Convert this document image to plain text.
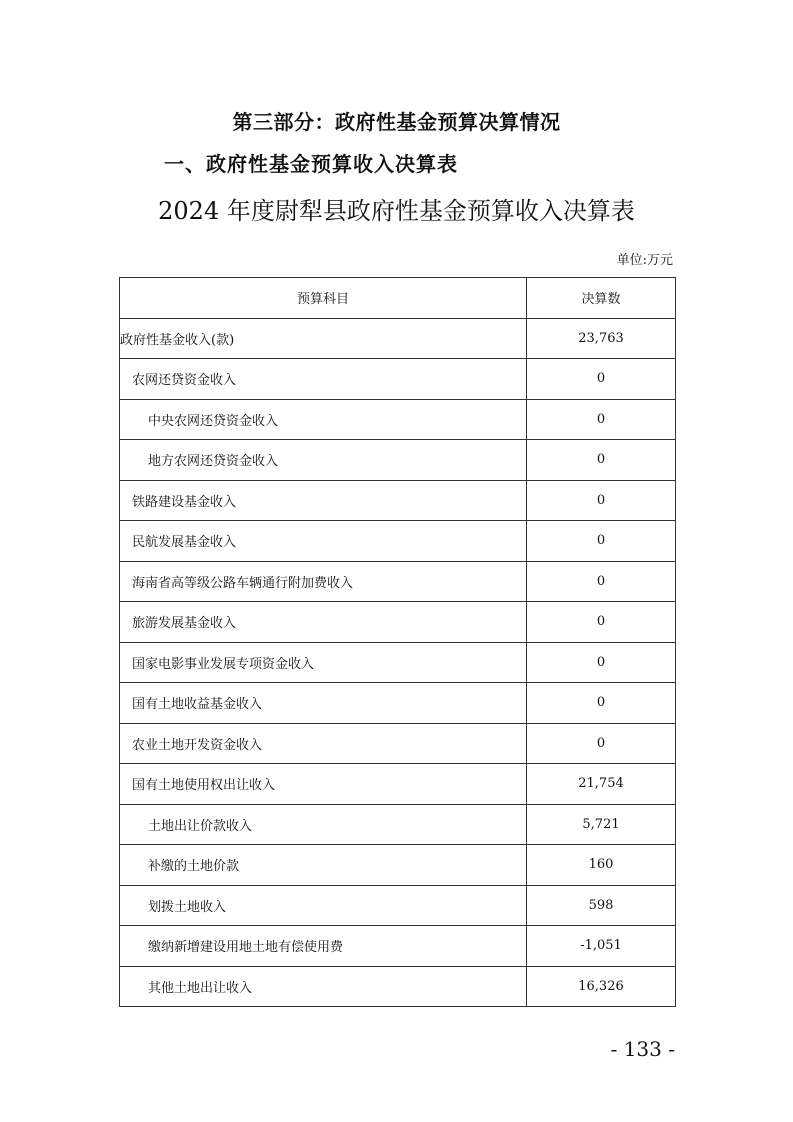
第三部分：政府性基金预算决算情况
一、政府性基金预算收入决算表
2024 年度尉犁县政府性基金预算收入决算表
单位:万元
预算科目	决算数
政府性基金收入(款)	23,763
农网还贷资金收入	0
中央农网还贷资金收入	0
地方农网还贷资金收入	0
铁路建设基金收入	0
民航发展基金收入	0
海南省高等级公路车辆通行附加费收入	0
旅游发展基金收入	0
国家电影事业发展专项资金收入	0
国有土地收益基金收入	0
农业土地开发资金收入	0
国有土地使用权出让收入	21,754
土地出让价款收入	5,721
补缴的土地价款	160
划拨土地收入	598
缴纳新增建设用地土地有偿使用费	-1,051
其他土地出让收入	16,326
- 133 -
